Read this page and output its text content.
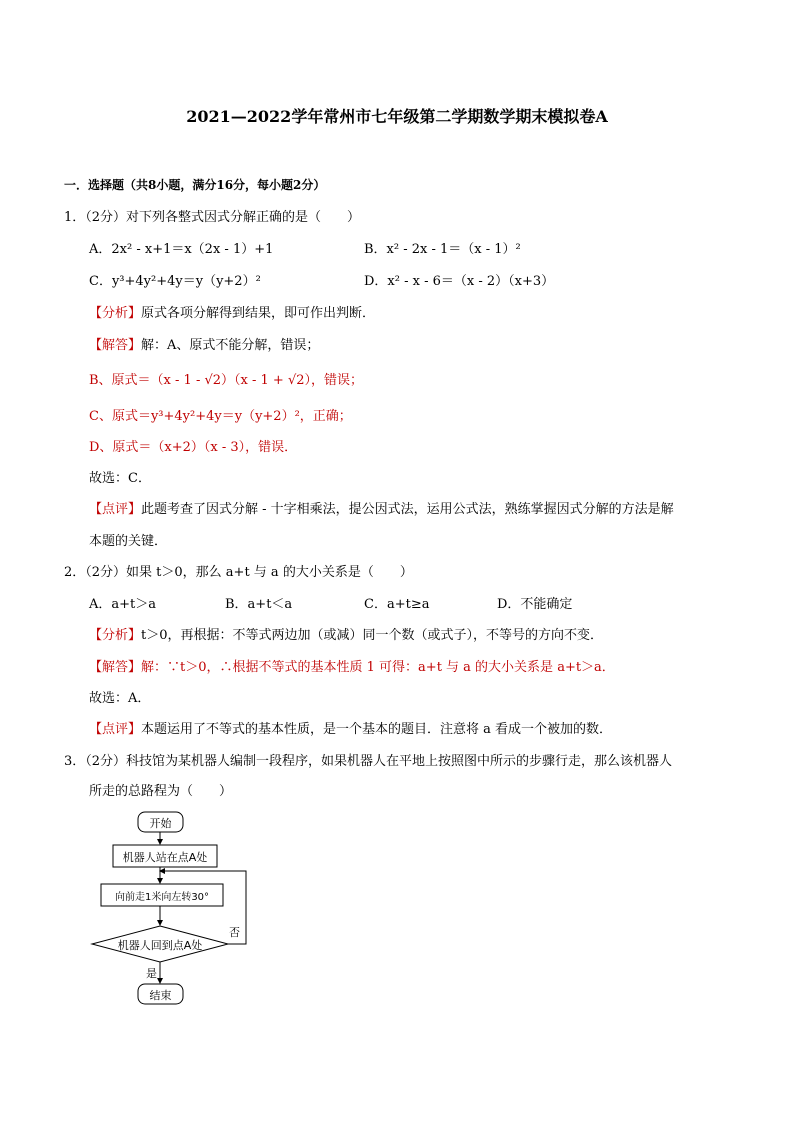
2021—2022学年常州市七年级第二学期数学期末模拟卷A
一．选择题（共8小题，满分16分，每小题2分）
1．（2分）对下列各整式因式分解正确的是（　　）
A．2x² - x+1＝x（2x - 1）+1	B．x² - 2x - 1＝（x - 1）²
C．y³+4y²+4y＝y（y+2）²	D．x² - x - 6＝（x - 2）（x+3）
【分析】原式各项分解得到结果，即可作出判断．
【解答】解：A、原式不能分解，错误；
B、原式＝（x - 1 - √2）（x - 1 + √2），错误；
C、原式＝y³+4y²+4y＝y（y+2）²，正确；
D、原式＝（x+2）（x - 3），错误．
故选：C．
【点评】此题考查了因式分解 - 十字相乘法，提公因式法，运用公式法，熟练掌握因式分解的方法是解
本题的关键．
2．（2分）如果 t＞0，那么 a+t 与 a 的大小关系是（　　）
A．a+t＞a	B．a+t＜a	C．a+t≥a	D．不能确定
【分析】t＞0，再根据：不等式两边加（或减）同一个数（或式子），不等号的方向不变．
【解答】解：∵t＞0，∴根据不等式的基本性质 1 可得：a+t 与 a 的大小关系是 a+t＞a．
故选：A．
【点评】本题运用了不等式的基本性质，是一个基本的题目．注意将 a 看成一个被加的数．
3．（2分）科技馆为某机器人编制一段程序，如果机器人在平地上按照图中所示的步骤行走，那么该机器人
所走的总路程为（　　）
开始
机器人站在点A处
向前走1米向左转30°
机器人回到点A处
否
是
结束
